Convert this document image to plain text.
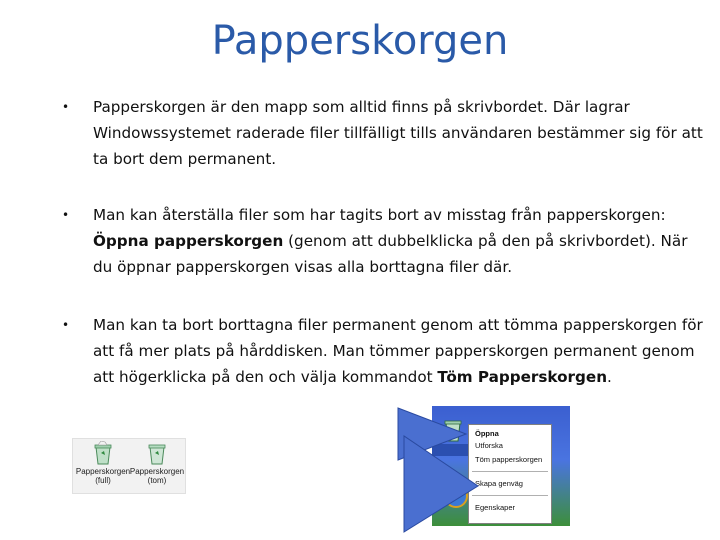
Papperskorgen
• Papperskorgen är den mapp som alltid finns på skrivbordet. Där lagrar Windowssystemet raderade filer tillfälligt tills användaren bestämmer sig för att ta bort dem permanent.
• Man kan återställa filer som har tagits bort av misstag från papperskorgen: Öppna papperskorgen (genom att dubbelklicka på den på skrivbordet). När du öppnar papperskorgen visas alla borttagna filer där.
• Man kan ta bort borttagna filer permanent genom att tömma papperskorgen för att få mer plats på hårddisken. Man tömmer papperskorgen permanent genom att högerklicka på den och välja kommandot Töm Papperskorgen.
Papperskorgen
(full)
Papperskorgen
(tom)
Öppna
Utforska
Töm papperskorgen
Skapa genväg
Egenskaper
